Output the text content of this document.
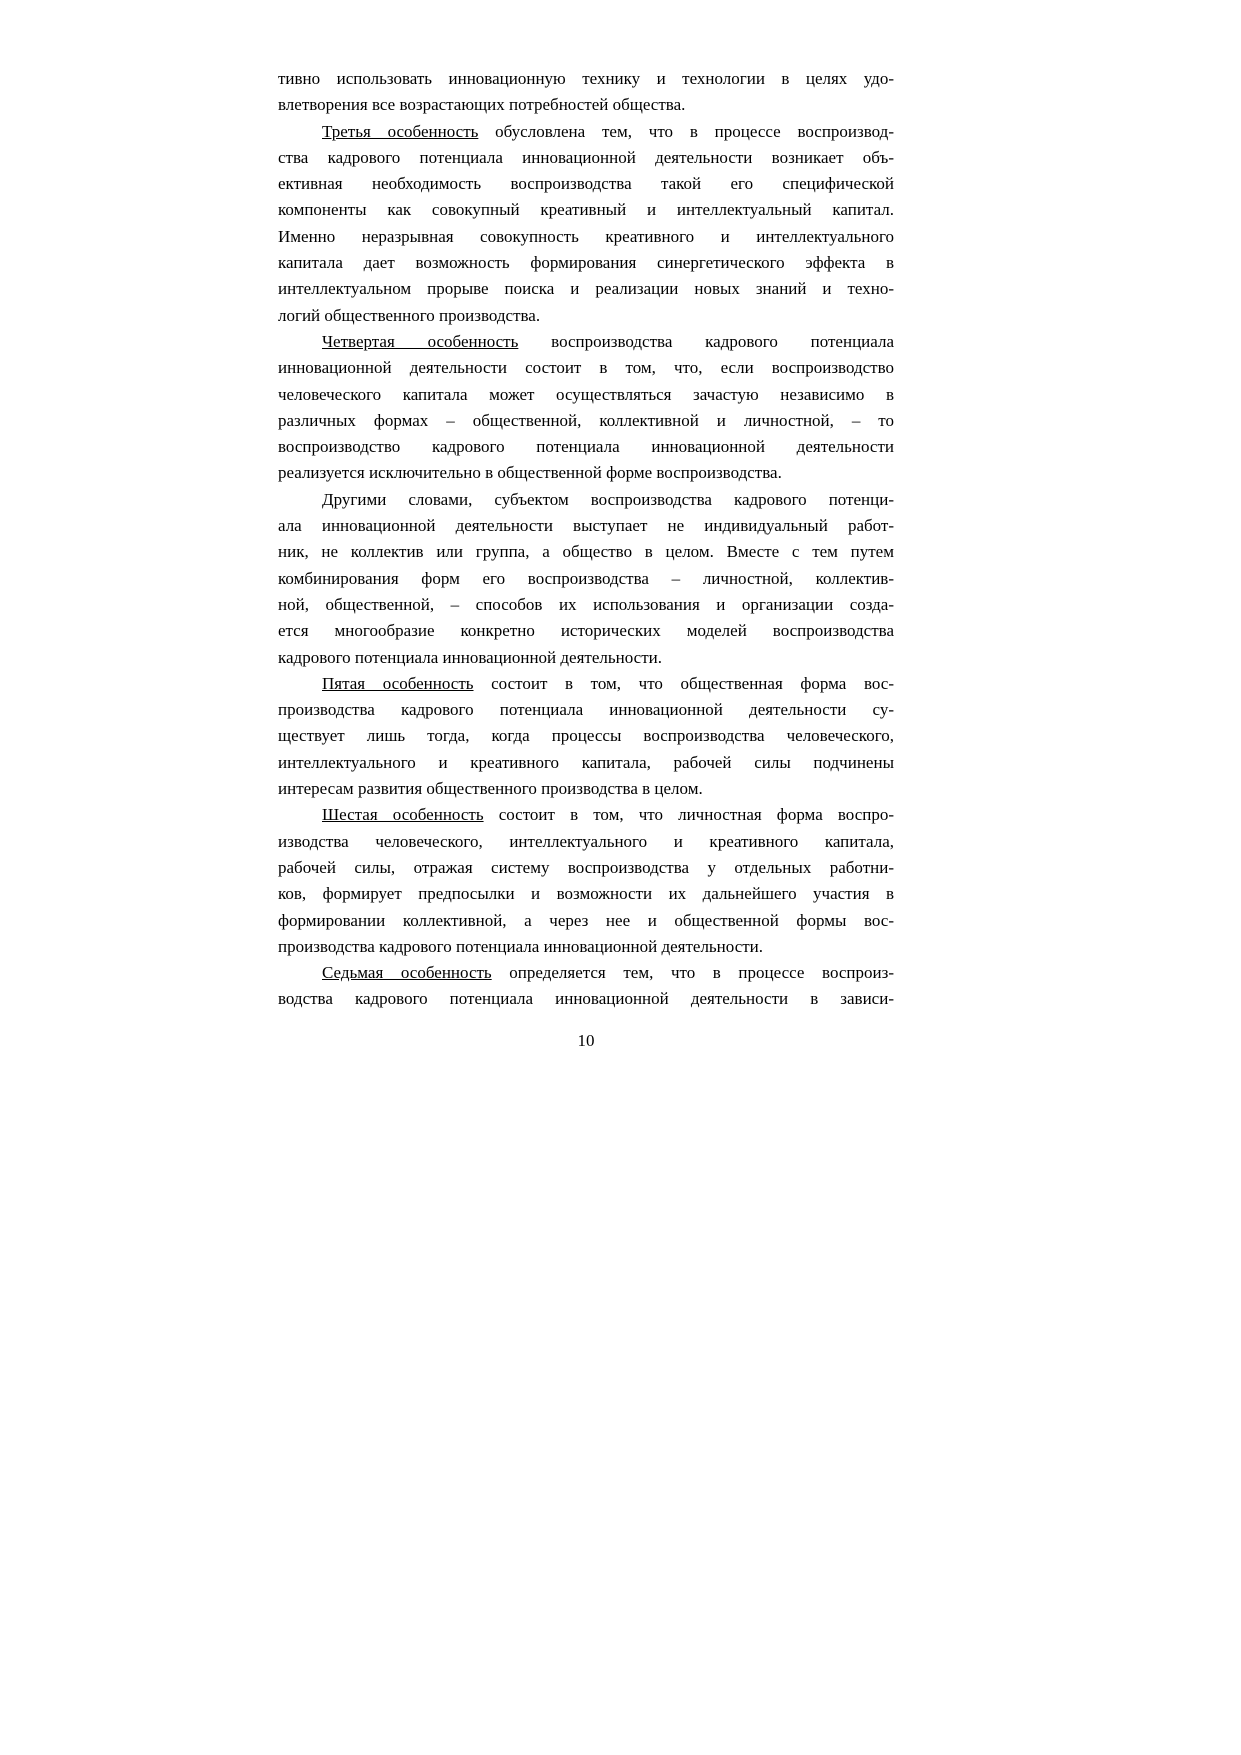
тивно использовать инновационную технику и технологии в целях удо-
влетворения все возрастающих потребностей общества.
Третья особенность обусловлена тем, что в процессе воспроизвод-
ства кадрового потенциала инновационной деятельности возникает объ-
ективная необходимость воспроизводства такой его специфической
компоненты как совокупный креативный и интеллектуальный капитал.
Именно неразрывная совокупность креативного и интеллектуального
капитала дает возможность формирования синергетического эффекта в
интеллектуальном прорыве поиска и реализации новых знаний и техно-
логий общественного производства.
Четвертая особенность воспроизводства кадрового потенциала
инновационной деятельности состоит в том, что, если воспроизводство
человеческого капитала может осуществляться зачастую независимо в
различных формах – общественной, коллективной и личностной, – то
воспроизводство кадрового потенциала инновационной деятельности
реализуется исключительно в общественной форме воспроизводства.
Другими словами, субъектом воспроизводства кадрового потенци-
ала инновационной деятельности выступает не индивидуальный работ-
ник, не коллектив или группа, а общество в целом. Вместе с тем путем
комбинирования форм его воспроизводства – личностной, коллектив-
ной, общественной, – способов их использования и организации созда-
ется многообразие конкретно исторических моделей воспроизводства
кадрового потенциала инновационной деятельности.
Пятая особенность состоит в том, что общественная форма вос-
производства кадрового потенциала инновационной деятельности су-
ществует лишь тогда, когда процессы воспроизводства человеческого,
интеллектуального и креативного капитала, рабочей силы подчинены
интересам развития общественного производства в целом.
Шестая особенность состоит в том, что личностная форма воспро-
изводства человеческого, интеллектуального и креативного капитала,
рабочей силы, отражая систему воспроизводства у отдельных работни-
ков, формирует предпосылки и возможности их дальнейшего участия в
формировании коллективной, а через нее и общественной формы вос-
производства кадрового потенциала инновационной деятельности.
Седьмая особенность определяется тем, что в процессе воспроиз-
водства кадрового потенциала инновационной деятельности в зависи-
10
